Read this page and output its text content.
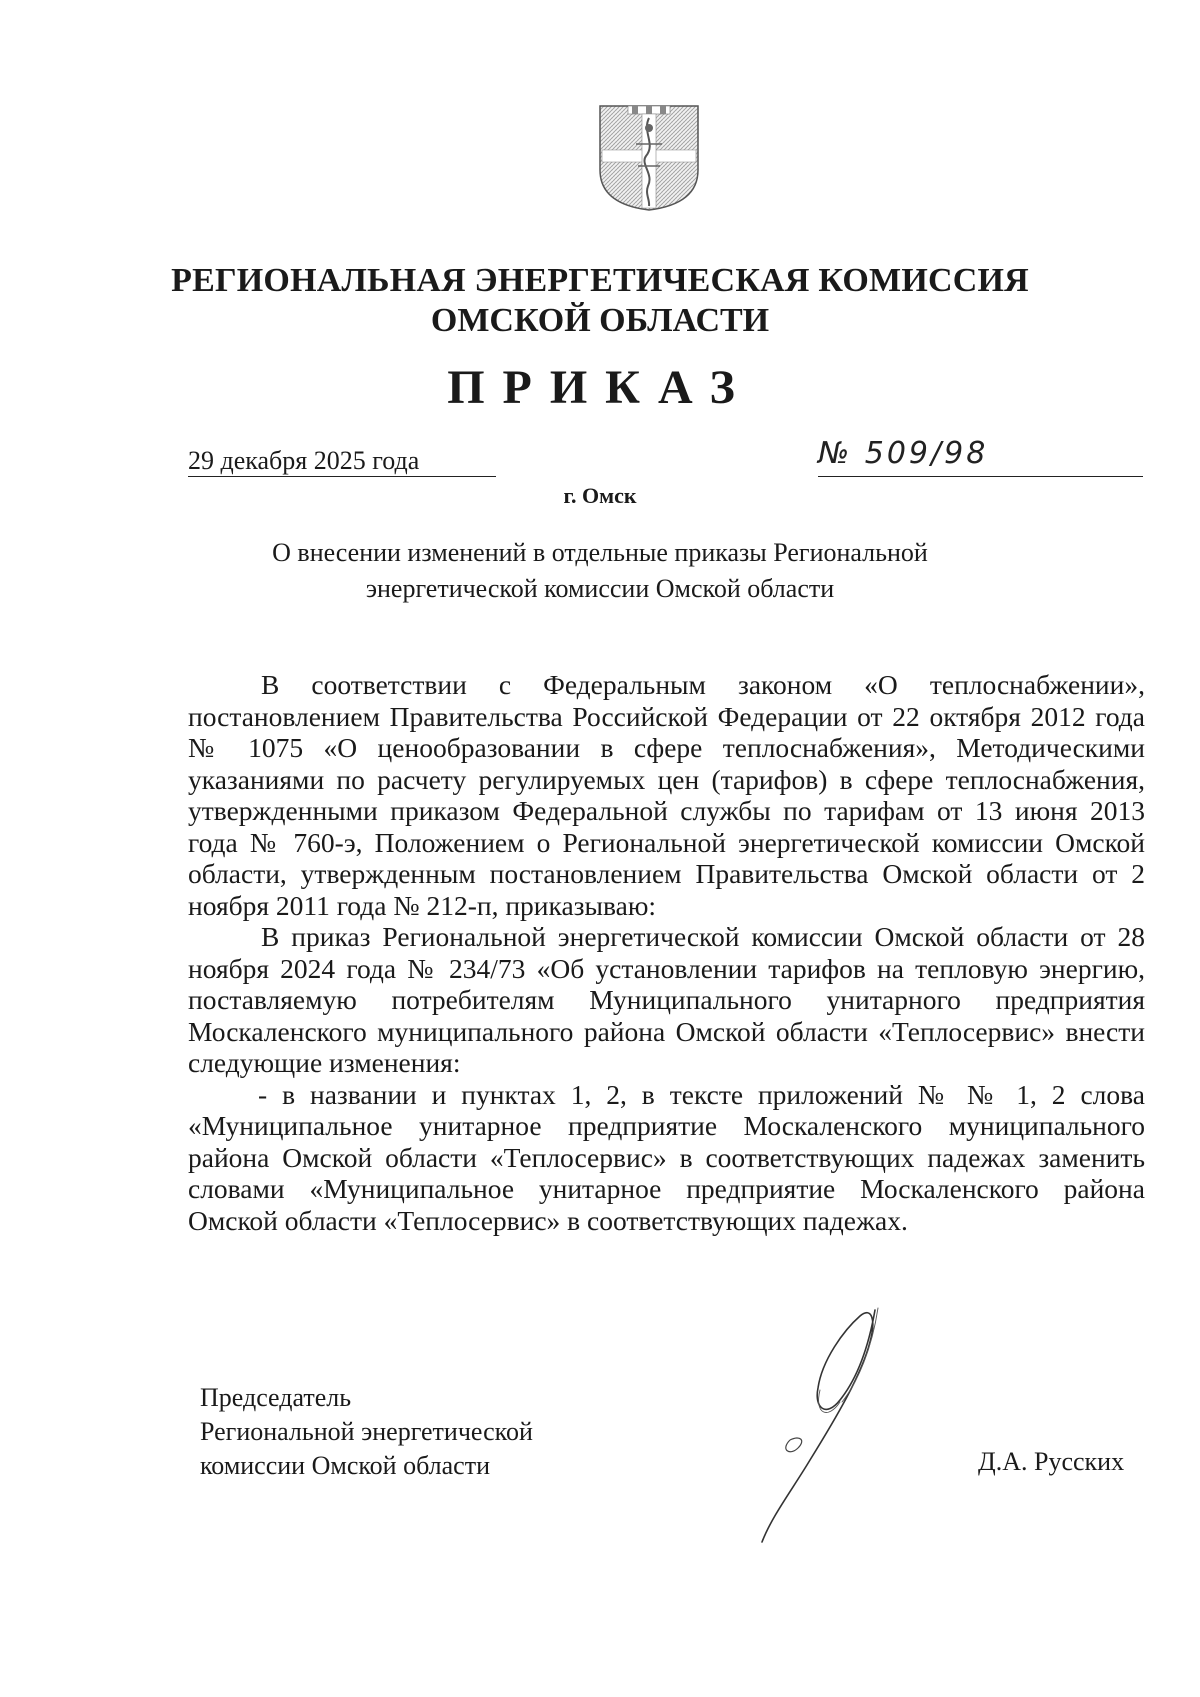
РЕГИОНАЛЬНАЯ ЭНЕРГЕТИЧЕСКАЯ КОМИССИЯ
ОМСКОЙ ОБЛАСТИ
ПРИКАЗ
29 декабря 2025 года	№ 509/98
г. Омск
О внесении изменений в отдельные приказы Региональной
энергетической комиссии Омской области
В соответствии с Федеральным законом «О теплоснабжении», постановлением Правительства Российской Федерации от 22 октября 2012 года № 1075 «О ценообразовании в сфере теплоснабжения», Методическими указаниями по расчету регулируемых цен (тарифов) в сфере теплоснабжения, утвержденными приказом Федеральной службы по тарифам от 13 июня 2013 года № 760-э, Положением о Региональной энергетической комиссии Омской области, утвержденным постановлением Правительства Омской области от 2 ноября 2011 года № 212-п, приказываю:
В приказ Региональной энергетической комиссии Омской области от 28 ноября 2024 года № 234/73 «Об установлении тарифов на тепловую энергию, поставляемую потребителям Муниципального унитарного предприятия Москаленского муниципального района Омской области «Теплосервис» внести следующие изменения:
- в названии и пунктах 1, 2, в тексте приложений № № 1, 2 слова «Муниципальное унитарное предприятие Москаленского муниципального района Омской области «Теплосервис» в соответствующих падежах заменить словами «Муниципальное унитарное предприятие Москаленского района Омской области «Теплосервис» в соответствующих падежах.
Председатель
Региональной энергетической
комиссии Омской области	Д.А. Русских
